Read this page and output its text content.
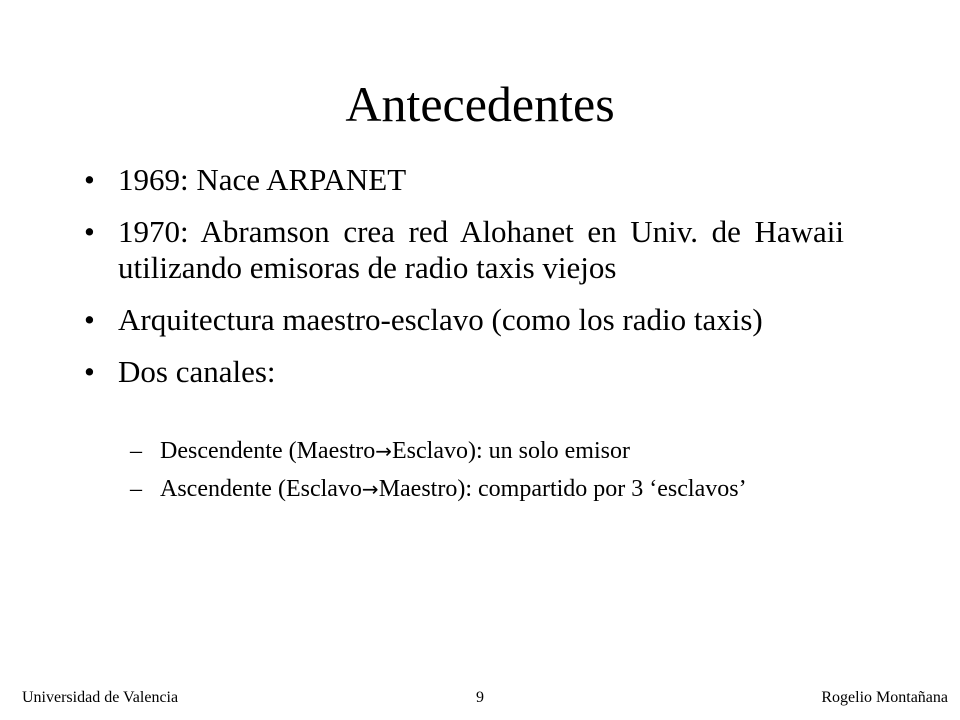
Antecedentes
• 1969: Nace ARPANET
• 1970: Abramson crea red Alohanet en Univ. de Hawaii utilizando emisoras de radio taxis viejos
• Arquitectura maestro-esclavo (como los radio taxis)
• Dos canales:
– Descendente (Maestro→Esclavo): un solo emisor
– Ascendente (Esclavo→Maestro): compartido por 3 ‘esclavos’
Universidad de Valencia	9	Rogelio Montañana
